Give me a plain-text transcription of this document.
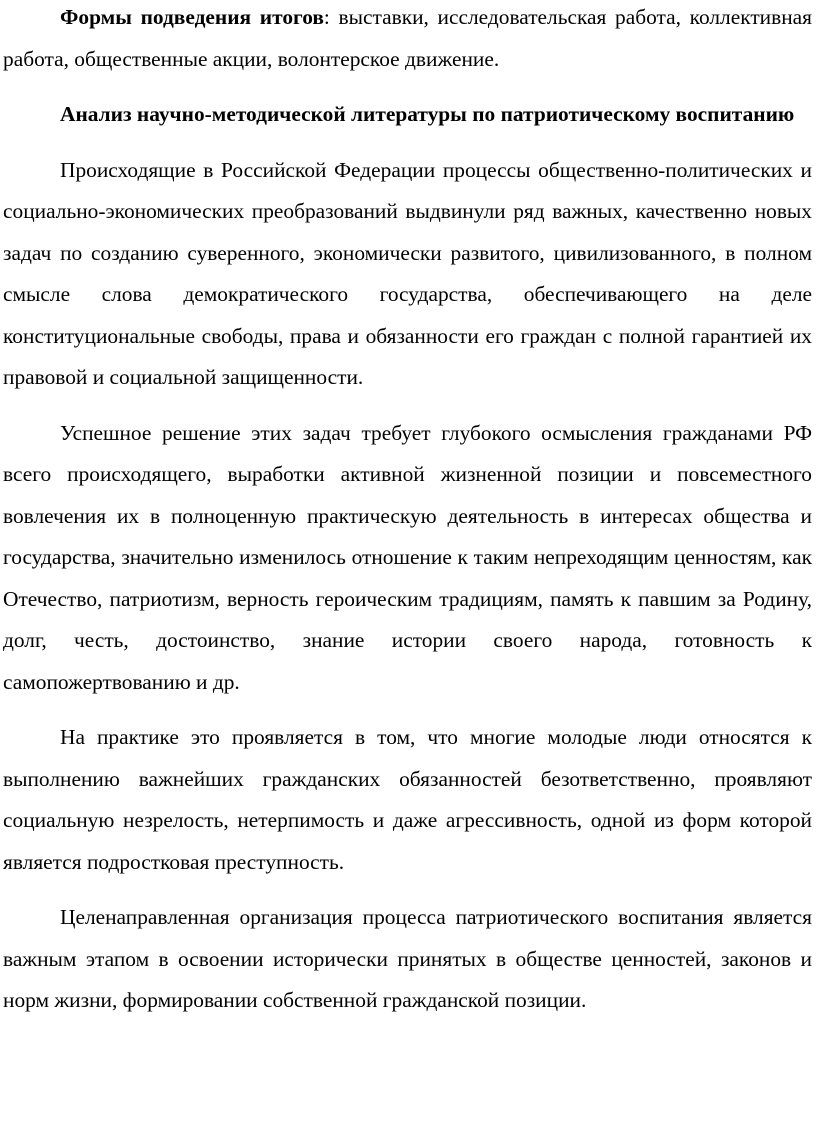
Формы подведения итогов: выставки, исследовательская работа, коллективная работа, общественные акции, волонтерское движение.

Анализ научно-методической литературы по патриотическому воспитанию

Происходящие в Российской Федерации процессы общественно-политических и социально-экономических преобразований выдвинули ряд важных, качественно новых задач по созданию суверенного, экономически развитого, цивилизованного, в полном смысле слова демократического государства, обеспечивающего на деле конституциональные свободы, права и обязанности его граждан с полной гарантией их правовой и социальной защищенности.

Успешное решение этих задач требует глубокого осмысления гражданами РФ всего происходящего, выработки активной жизненной позиции и повсеместного вовлечения их в полноценную практическую деятельность в интересах общества и государства, значительно изменилось отношение к таким непреходящим ценностям, как Отечество, патриотизм, верность героическим традициям, память к павшим за Родину, долг, честь, достоинство, знание истории своего народа, готовность к самопожертвованию и др.

На практике это проявляется в том, что многие молодые люди относятся к выполнению важнейших гражданских обязанностей безответственно, проявляют социальную незрелость, нетерпимость и даже агрессивность, одной из форм которой является подростковая преступность.

Целенаправленная организация процесса патриотического воспитания является важным этапом в освоении исторически принятых в обществе ценностей, законов и норм жизни, формировании собственной гражданской позиции.
